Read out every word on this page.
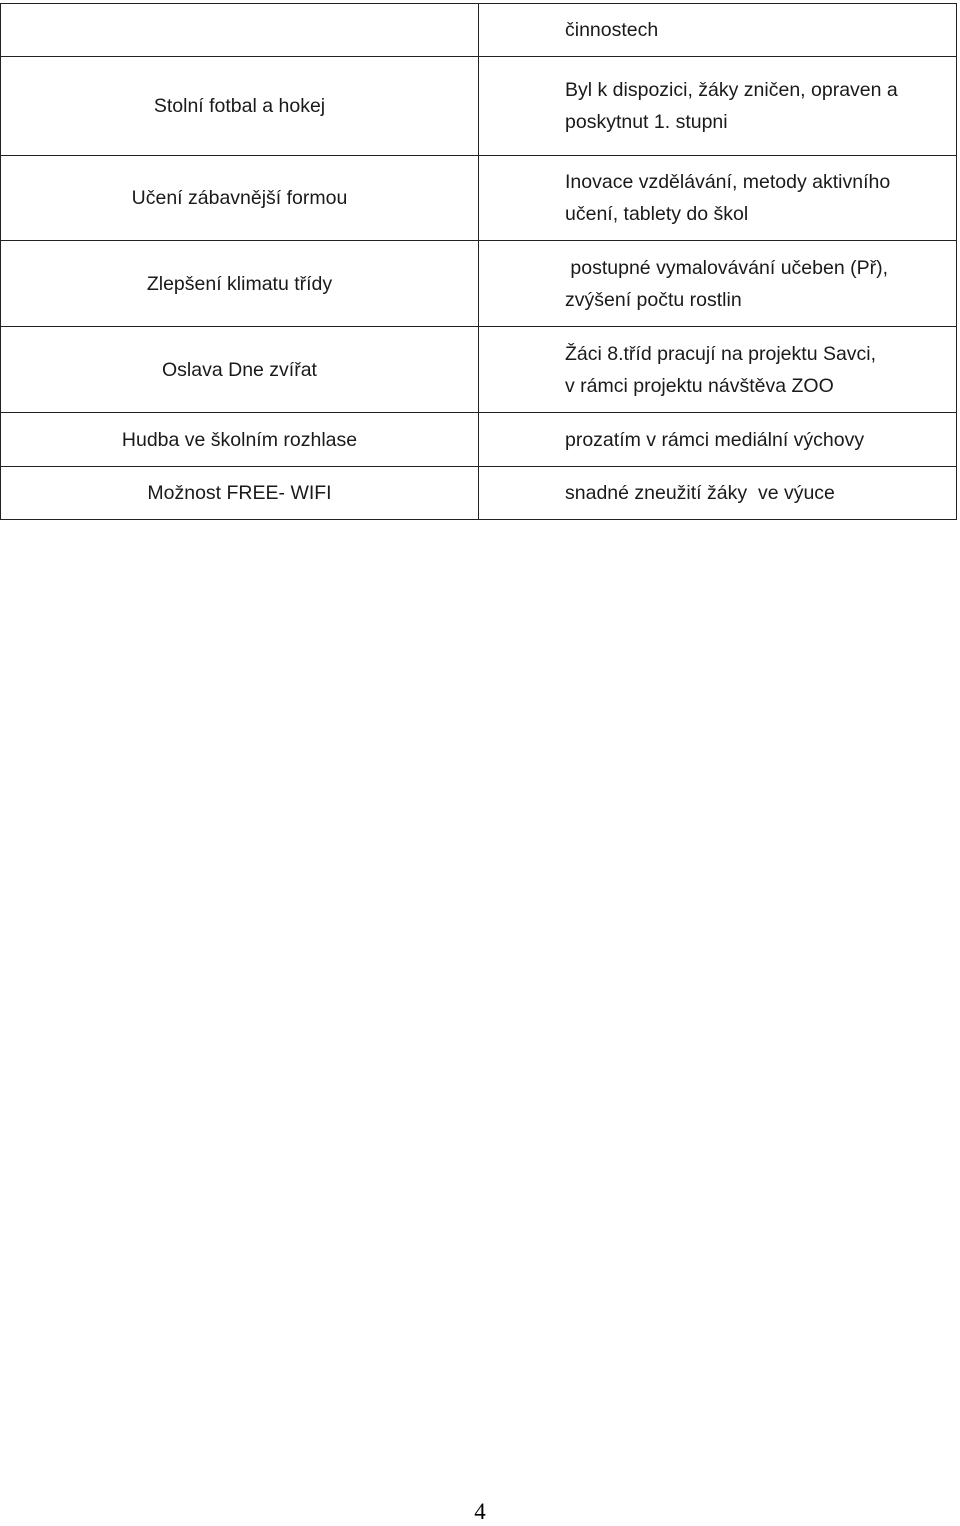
	činnostech

Stolní fotbal a hokej	Byl k dispozici, žáky zničen, opraven a
poskytnut 1. stupni

Učení zábavnější formou	Inovace vzdělávání, metody aktivního
učení, tablety do škol

Zlepšení klimatu třídy	postupné vymalovávání učeben (Př),
zvýšení počtu rostlin

Oslava Dne zvířat	Žáci 8.tříd pracují na projektu Savci,
v rámci projektu návštěva ZOO

Hudba ve školním rozhlase	prozatím v rámci mediální výchovy

Možnost FREE- WIFI	snadné zneužití žáky  ve výuce
4
